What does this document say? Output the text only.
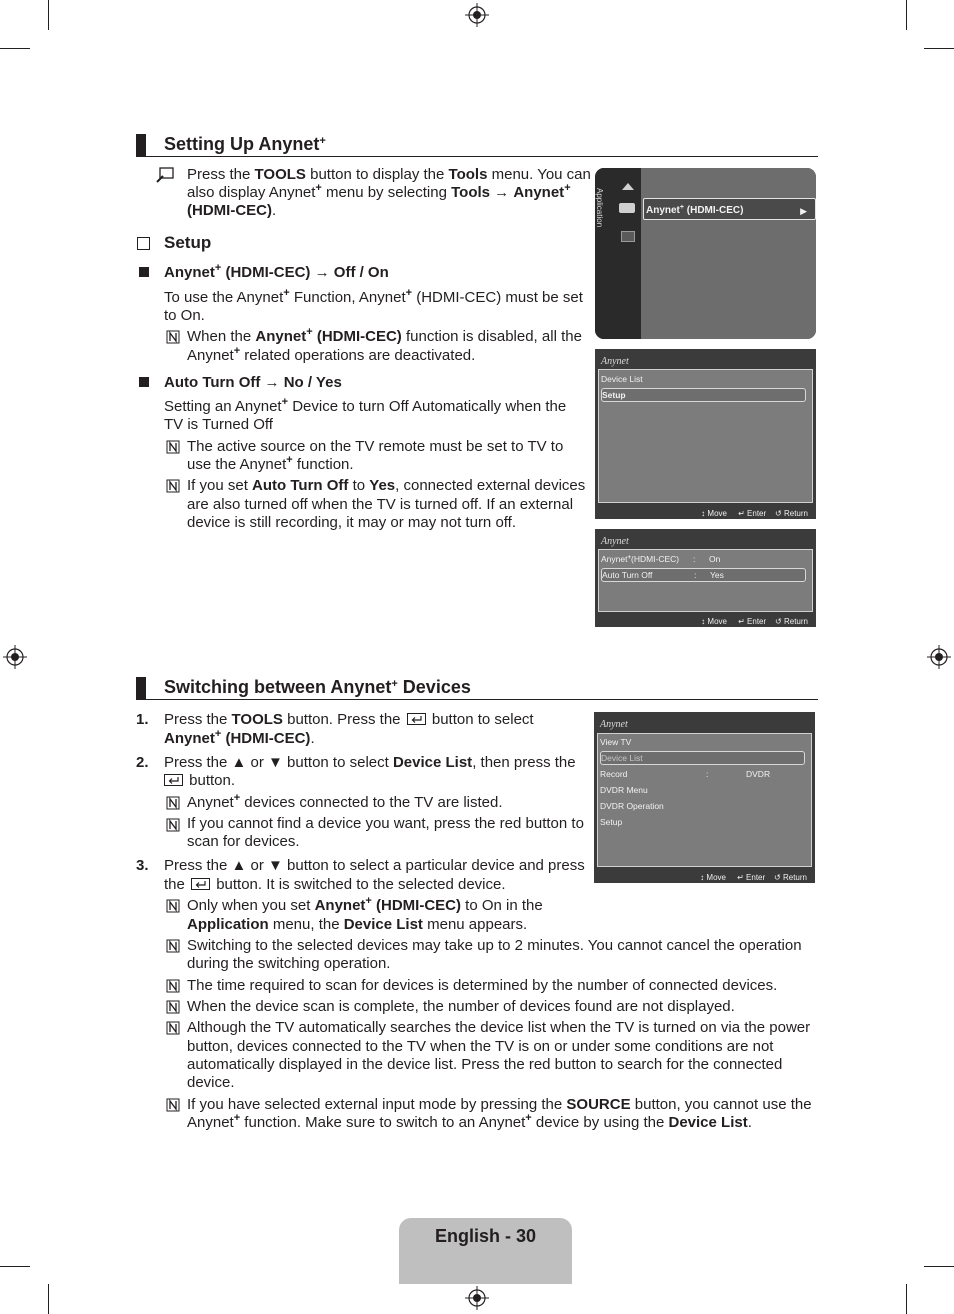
Setting Up Anynet+
Press the TOOLS button to display the Tools menu. You can
also display Anynet+ menu by selecting Tools → Anynet+
(HDMI-CEC).
Setup
Anynet+ (HDMI-CEC) → Off / On
To use the Anynet+ Function, Anynet+ (HDMI-CEC) must be set
to On.
When the Anynet+ (HDMI-CEC) function is disabled, all the
Anynet+ related operations are deactivated.
Auto Turn Off → No / Yes
Setting an Anynet+ Device to turn Off Automatically when the
TV is Turned Off
The active source on the TV remote must be set to TV to
use the Anynet+ function.
If you set Auto Turn Off to Yes, connected external devices
are also turned off when the TV is turned off. If an external
device is still recording, it may or may not turn off.
Application	Anynet+ (HDMI-CEC)	▶
Anynet
Device List
Setup
↕ Move ↵ Enter ↺ Return
Anynet
Anynet+(HDMI-CEC) : On
Auto Turn Off	: Yes
↕ Move ↵ Enter ↺ Return
Switching between Anynet+ Devices
1. Press the TOOLS button. Press the  button to select
Anynet+ (HDMI-CEC).
2. Press the ▲ or ▼ button to select Device List, then press the
button.
Anynet+ devices connected to the TV are listed.
If you cannot find a device you want, press the red button to
scan for devices.
3. Press the ▲ or ▼ button to select a particular device and press
the  button. It is switched to the selected device.
Only when you set Anynet+ (HDMI-CEC) to On in the
Application menu, the Device List menu appears.
Switching to the selected devices may take up to 2 minutes. You cannot cancel the operation
during the switching operation.
The time required to scan for devices is determined by the number of connected devices.
When the device scan is complete, the number of devices found are not displayed.
Although the TV automatically searches the device list when the TV is turned on via the power
button, devices connected to the TV when the TV is on or under some conditions are not
automatically displayed in the device list. Press the red button to search for the connected
device.
If you have selected external input mode by pressing the SOURCE button, you cannot use the
Anynet+ function. Make sure to switch to an Anynet+ device by using the Device List.
Anynet
View TV
Device List
Record	:	DVDR
DVDR Menu
DVDR Operation
Setup
↕ Move ↵ Enter ↺ Return
English - 30
